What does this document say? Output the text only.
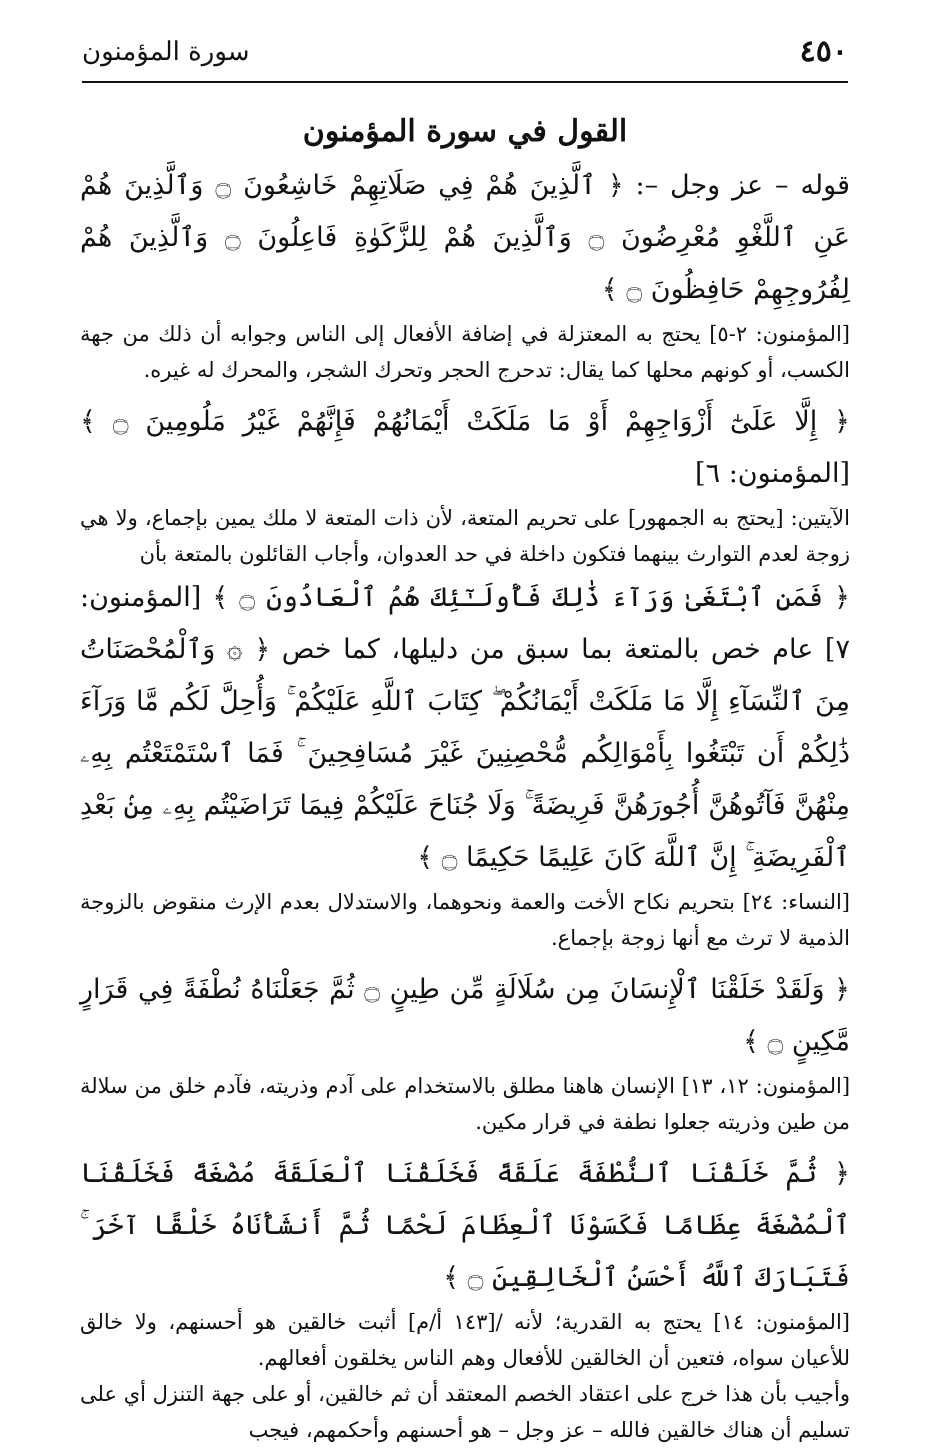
٤٥٠
سورة المؤمنون
القول في سورة المؤمنون

قوله – عز وجل –: ﴿ ٱلَّذِينَ هُمْ فِي صَلَاتِهِمْ خَاشِعُونَ ۝ وَٱلَّذِينَ هُمْ عَنِ ٱللَّغْوِ مُعْرِضُونَ ۝ وَٱلَّذِينَ هُمْ لِلزَّكَوٰةِ فَاعِلُونَ ۝ وَٱلَّذِينَ هُمْ لِفُرُوجِهِمْ حَافِظُونَ ۝ ﴾

[المؤمنون: ٢-٥] يحتج به المعتزلة في إضافة الأفعال إلى الناس وجوابه أن ذلك من جهة الكسب، أو كونهم محلها كما يقال: تدحرج الحجر وتحرك الشجر، والمحرك له غيره.

﴿ إِلَّا عَلَىٰٓ أَزْوَاجِهِمْ أَوْ مَا مَلَكَتْ أَيْمَانُهُمْ فَإِنَّهُمْ غَيْرُ مَلُومِينَ ۝ ﴾ [المؤمنون: ٦]

الآيتين: [يحتج به الجمهور] على تحريم المتعة، لأن ذات المتعة لا ملك يمين بإجماع، ولا هي زوجة لعدم التوارث بينهما فتكون داخلة في حد العدوان، وأجاب القائلون بالمتعة بأن

﴿ فَمَنِ ٱبْتَغَىٰ وَرَآءَ ذَٰلِكَ فَأُولَـٰٓئِكَ هُمُ ٱلْعَادُونَ ۝ ﴾ [المؤمنون: ٧] عام خص بالمتعة بما سبق من دليلها، كما خص ﴿ ۞ وَٱلْمُحْصَنَاتُ مِنَ ٱلنِّسَآءِ إِلَّا مَا مَلَكَتْ أَيْمَانُكُمْ ۖ كِتَابَ ٱللَّهِ عَلَيْكُمْ ۚ وَأُحِلَّ لَكُم مَّا وَرَآءَ ذَٰلِكُمْ أَن تَبْتَغُوا بِأَمْوَالِكُم مُّحْصِنِينَ غَيْرَ مُسَافِحِينَ ۚ فَمَا ٱسْتَمْتَعْتُم بِهِۦ مِنْهُنَّ فَآتُوهُنَّ أُجُورَهُنَّ فَرِيضَةً ۚ وَلَا جُنَاحَ عَلَيْكُمْ فِيمَا تَرَاضَيْتُم بِهِۦ مِنۢ بَعْدِ ٱلْفَرِيضَةِ ۚ إِنَّ ٱللَّهَ كَانَ عَلِيمًا حَكِيمًا ۝ ﴾

[النساء: ٢٤] بتحريم نكاح الأخت والعمة ونحوهما، والاستدلال بعدم الإرث منقوض بالزوجة الذمية لا ترث مع أنها زوجة بإجماع.

﴿ وَلَقَدْ خَلَقْنَا ٱلْإِنسَانَ مِن سُلَالَةٍ مِّن طِينٍ ۝ ثُمَّ جَعَلْنَاهُ نُطْفَةً فِي قَرَارٍ مَّكِينٍ ۝ ﴾

[المؤمنون: ١٢، ١٣] الإنسان هاهنا مطلق بالاستخدام على آدم وذريته، فآدم خلق من سلالة من طين وذريته جعلوا نطفة في قرار مكين.

﴿ ثُمَّ خَلَقْنَا ٱلنُّطْفَةَ عَلَقَةً فَخَلَقْنَا ٱلْعَلَقَةَ مُضْغَةً فَخَلَقْنَا ٱلْمُضْغَةَ عِظَامًا فَكَسَوْنَا ٱلْعِظَامَ لَحْمًا ثُمَّ أَنشَأْنَاهُ خَلْقًا آخَرَ ۚ فَتَبَارَكَ ٱللَّهُ أَحْسَنُ ٱلْخَالِقِينَ ۝ ﴾

[المؤمنون: ١٤] يحتج به القدرية؛ لأنه /[١٤٣ أ/م] أثبت خالقين هو أحسنهم، ولا خالق للأعيان سواه، فتعين أن الخالقين للأفعال وهم الناس يخلقون أفعالهم.

وأجيب بأن هذا خرج على اعتقاد الخصم المعتقد أن ثم خالقين، أو على جهة التنزل أي على تسليم أن هناك خالقين فالله – عز وجل – هو أحسنهم وأحكمهم، فيجب
